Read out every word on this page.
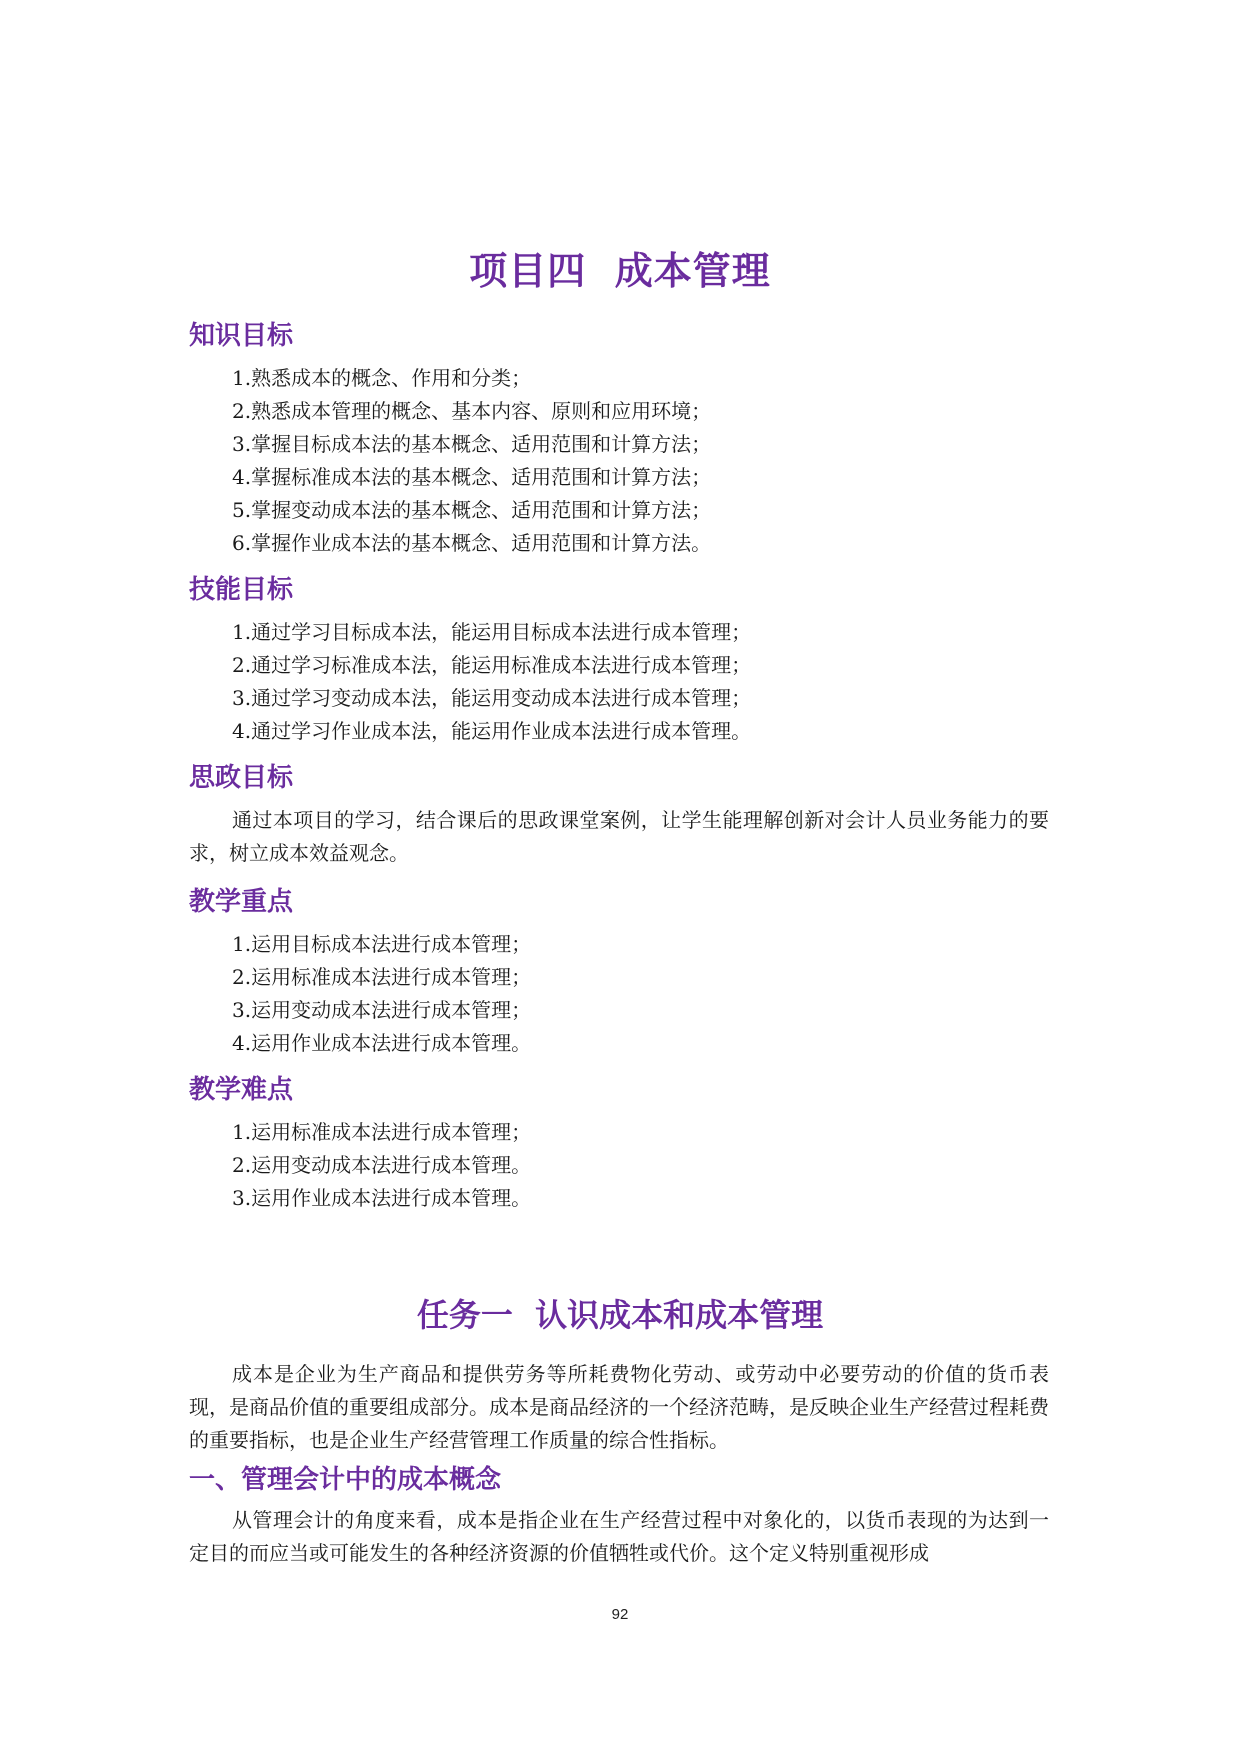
项目四  成本管理
知识目标

1.熟悉成本的概念、作用和分类；

2.熟悉成本管理的概念、基本内容、原则和应用环境；

3.掌握目标成本法的基本概念、适用范围和计算方法；

4.掌握标准成本法的基本概念、适用范围和计算方法；

5.掌握变动成本法的基本概念、适用范围和计算方法；

6.掌握作业成本法的基本概念、适用范围和计算方法。

技能目标

1.通过学习目标成本法，能运用目标成本法进行成本管理；

2.通过学习标准成本法，能运用标准成本法进行成本管理；

3.通过学习变动成本法，能运用变动成本法进行成本管理；

4.通过学习作业成本法，能运用作业成本法进行成本管理。

思政目标

通过本项目的学习，结合课后的思政课堂案例，让学生能理解创新对会计人员业务能力的要求，树立成本效益观念。

教学重点

1.运用目标成本法进行成本管理；

2.运用标准成本法进行成本管理；

3.运用变动成本法进行成本管理；

4.运用作业成本法进行成本管理。

教学难点

1.运用标准成本法进行成本管理；

2.运用变动成本法进行成本管理。

3.运用作业成本法进行成本管理。

任务一  认识成本和成本管理

成本是企业为生产商品和提供劳务等所耗费物化劳动、或劳动中必要劳动的价值的货币表现，是商品价值的重要组成部分。成本是商品经济的一个经济范畴，是反映企业生产经营过程耗费的重要指标，也是企业生产经营管理工作质量的综合性指标。

一、管理会计中的成本概念

从管理会计的角度来看，成本是指企业在生产经营过程中对象化的，以货币表现的为达到一定目的而应当或可能发生的各种经济资源的价值牺牲或代价。这个定义特别重视形成

92
